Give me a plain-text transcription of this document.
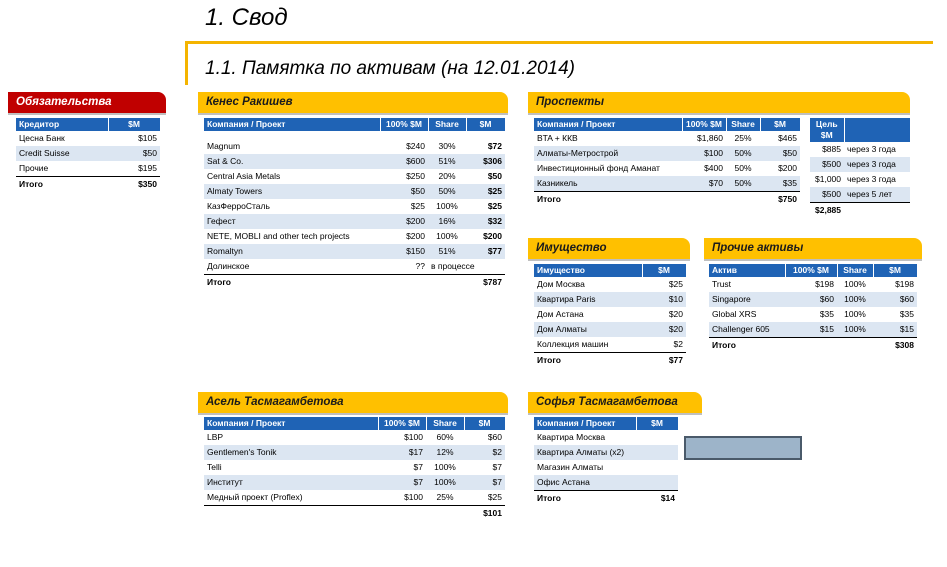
1. Свод
1.1. Памятка по активам (на 12.01.2014)
Обязательства
Кредитор	$M
Цесна Банк	$105
Credit Suisse	$50
Прочие	$195
Итого	$350
Кенес Ракишев
Компания / Проект	100% $M	Share	$M

Magnum	$240	30%	$72
Sat & Co.	$600	51%	$306
Central Asia Metals	$250	20%	$50
Almaty Towers	$50	50%	$25
КазФерроСталь	$25	100%	$25
Гефест	$200	16%	$32
NETE, MOBLI and other tech projects	$200	100%	$200
Romaltyn	$150	51%	$77
Долинское	??	в процессе	
Итого			$787
Проспекты
Компания / Проект	100% $M	Share	$M
BTA + ККВ	$1,860	25%	$465
Алматы-Метрострой	$100	50%	$50
Инвестиционный фонд Аманат	$400	50%	$200
Казникель	$70	50%	$35
Итого			$750
Цель $M	
$885	через 3 года
$500	через 3 года
$1,000	через 3 года
$500	через 5 лет
$2,885	
Имущество
Имущество	$M
Дом Москва	$25
Квартира Paris	$10
Дом Астана	$20
Дом Алматы	$20
Коллекция машин	$2
Итого	$77
Прочие активы
Актив	100% $M	Share	$M
Trust	$198	100%	$198
Singapore	$60	100%	$60
Global XRS	$35	100%	$35
Challenger 605	$15	100%	$15
Итого			$308
Асель Тасмагамбетова
Компания / Проект	100% $M	Share	$M
LBP	$100	60%	$60
Gentlemen's Tonik	$17	12%	$2
Telli	$7	100%	$7
Институт	$7	100%	$7
Медный проект (Proflex)	$100	25%	$25
			$101
Софья Тасмагамбетова
Компания / Проект	$M
Квартира Москва	
Квартира Алматы (x2)	
Магазин Алматы	
Офис Астана	
Итого	$14
